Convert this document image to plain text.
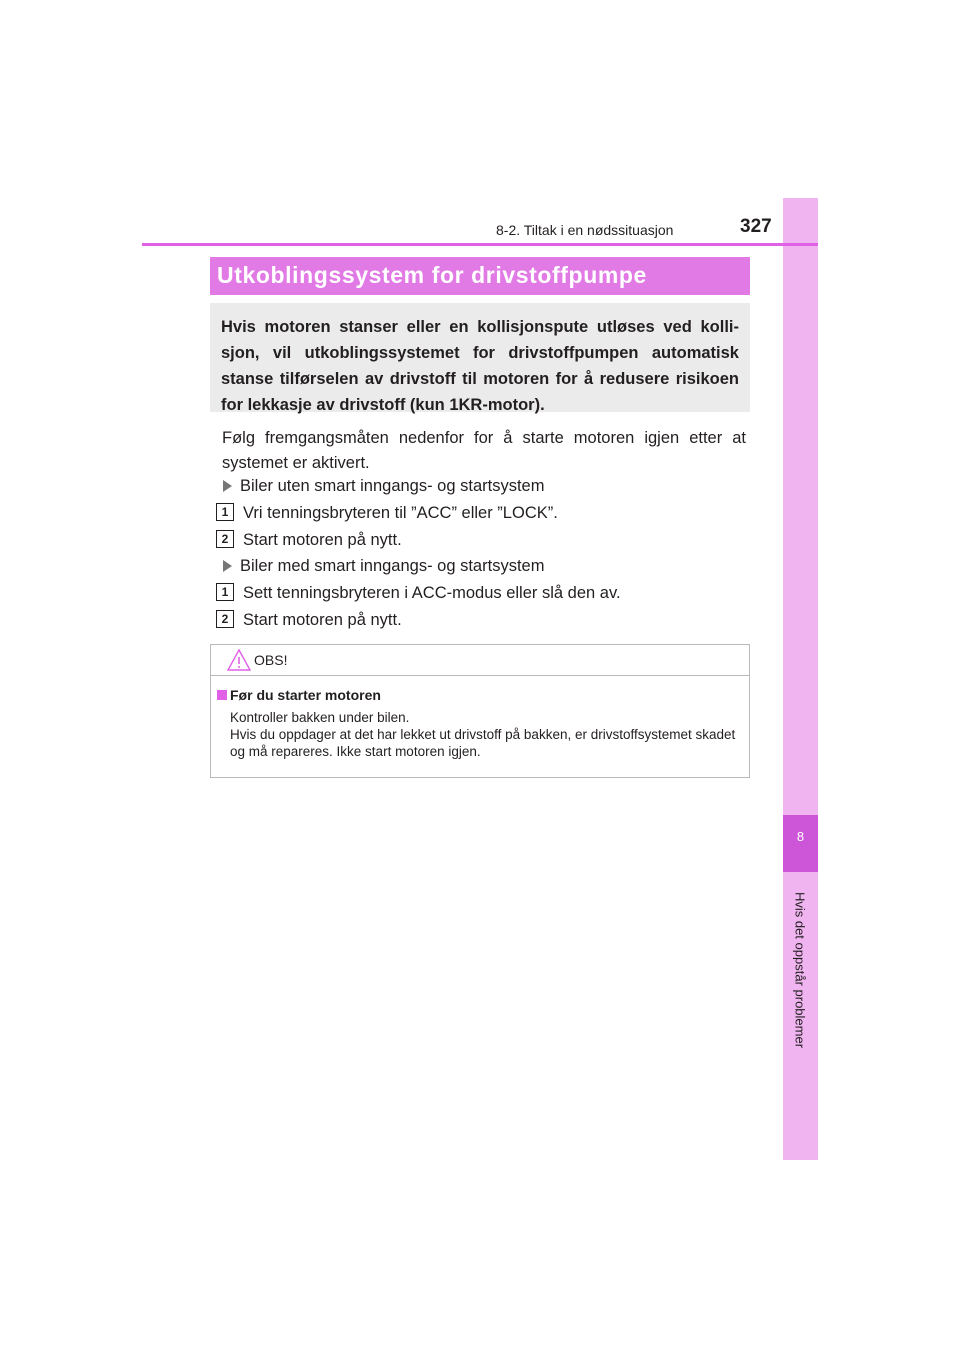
8
Hvis det oppstår problemer
8-2. Tiltak i en nødssituasjon	327
Utkoblingssystem for drivstoffpumpe
Hvis motoren stanser eller en kollisjonspute utløses ved kolli-sjon, vil utkoblingssystemet for drivstoffpumpen automatisk stanse tilførselen av drivstoff til motoren for å redusere risikoen for lekkasje av drivstoff (kun 1KR-motor).
Følg fremgangsmåten nedenfor for å starte motoren igjen etter at systemet er aktivert.
Biler uten smart inngangs- og startsystem
1 Vri tenningsbryteren til ”ACC” eller ”LOCK”.
2 Start motoren på nytt.
Biler med smart inngangs- og startsystem
1 Sett tenningsbryteren i ACC-modus eller slå den av.
2 Start motoren på nytt.
OBS!
Før du starter motoren
Kontroller bakken under bilen.
Hvis du oppdager at det har lekket ut drivstoff på bakken, er drivstoffsystemet skadet og må repareres. Ikke start motoren igjen.
